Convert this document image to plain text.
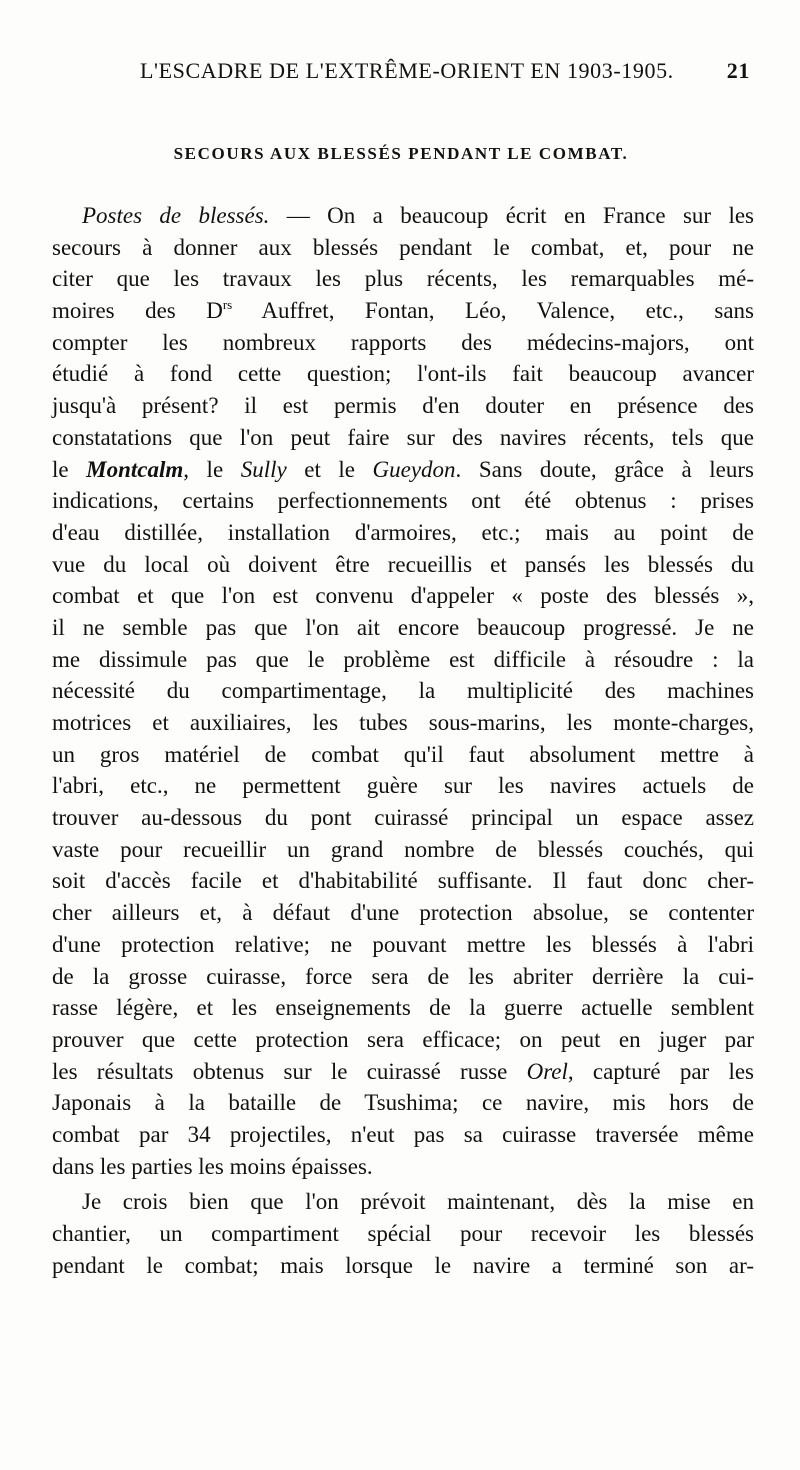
L'ESCADRE DE L'EXTRÊME-ORIENT EN 1903-1905. 21
SECOURS AUX BLESSÉS PENDANT LE COMBAT.
Postes de blessés. — On a beaucoup écrit en France sur les
secours à donner aux blessés pendant le combat, et, pour ne
citer que les travaux les plus récents, les remarquables mé-
moires des $D^{rs}$ Auffret, Fontan, Léo, Valence, etc., sans
compter les nombreux rapports des médecins-majors, ont
étudié à fond cette question; l'ont-ils fait beaucoup avancer
jusqu'à présent? il est permis d'en douter en présence des
constatations que l'on peut faire sur des navires récents, tels que
le Montcalm, le Sully et le Gueydon. Sans doute, grâce à leurs
indications, certains perfectionnements ont été obtenus : prises
d'eau distillée, installation d'armoires, etc.; mais au point de
vue du local où doivent être recueillis et pansés les blessés du
combat et que l'on est convenu d'appeler « poste des blessés »,
il ne semble pas que l'on ait encore beaucoup progressé. Je ne
me dissimule pas que le problème est difficile à résoudre : la
nécessité du compartimentage, la multiplicité des machines
motrices et auxiliaires, les tubes sous-marins, les monte-charges,
un gros matériel de combat qu'il faut absolument mettre à
l'abri, etc., ne permettent guère sur les navires actuels de
trouver au-dessous du pont cuirassé principal un espace assez
vaste pour recueillir un grand nombre de blessés couchés, qui
soit d'accès facile et d'habitabilité suffisante. Il faut donc cher-
cher ailleurs et, à défaut d'une protection absolue, se contenter
d'une protection relative; ne pouvant mettre les blessés à l'abri
de la grosse cuirasse, force sera de les abriter derrière la cui-
rasse légère, et les enseignements de la guerre actuelle semblent
prouver que cette protection sera efficace; on peut en juger par
les résultats obtenus sur le cuirassé russe Orel, capturé par les
Japonais à la bataille de Tsushima; ce navire, mis hors de
combat par 34 projectiles, n'eut pas sa cuirasse traversée même
dans les parties les moins épaisses.
Je crois bien que l'on prévoit maintenant, dès la mise en
chantier, un compartiment spécial pour recevoir les blessés
pendant le combat; mais lorsque le navire a terminé son ar-
